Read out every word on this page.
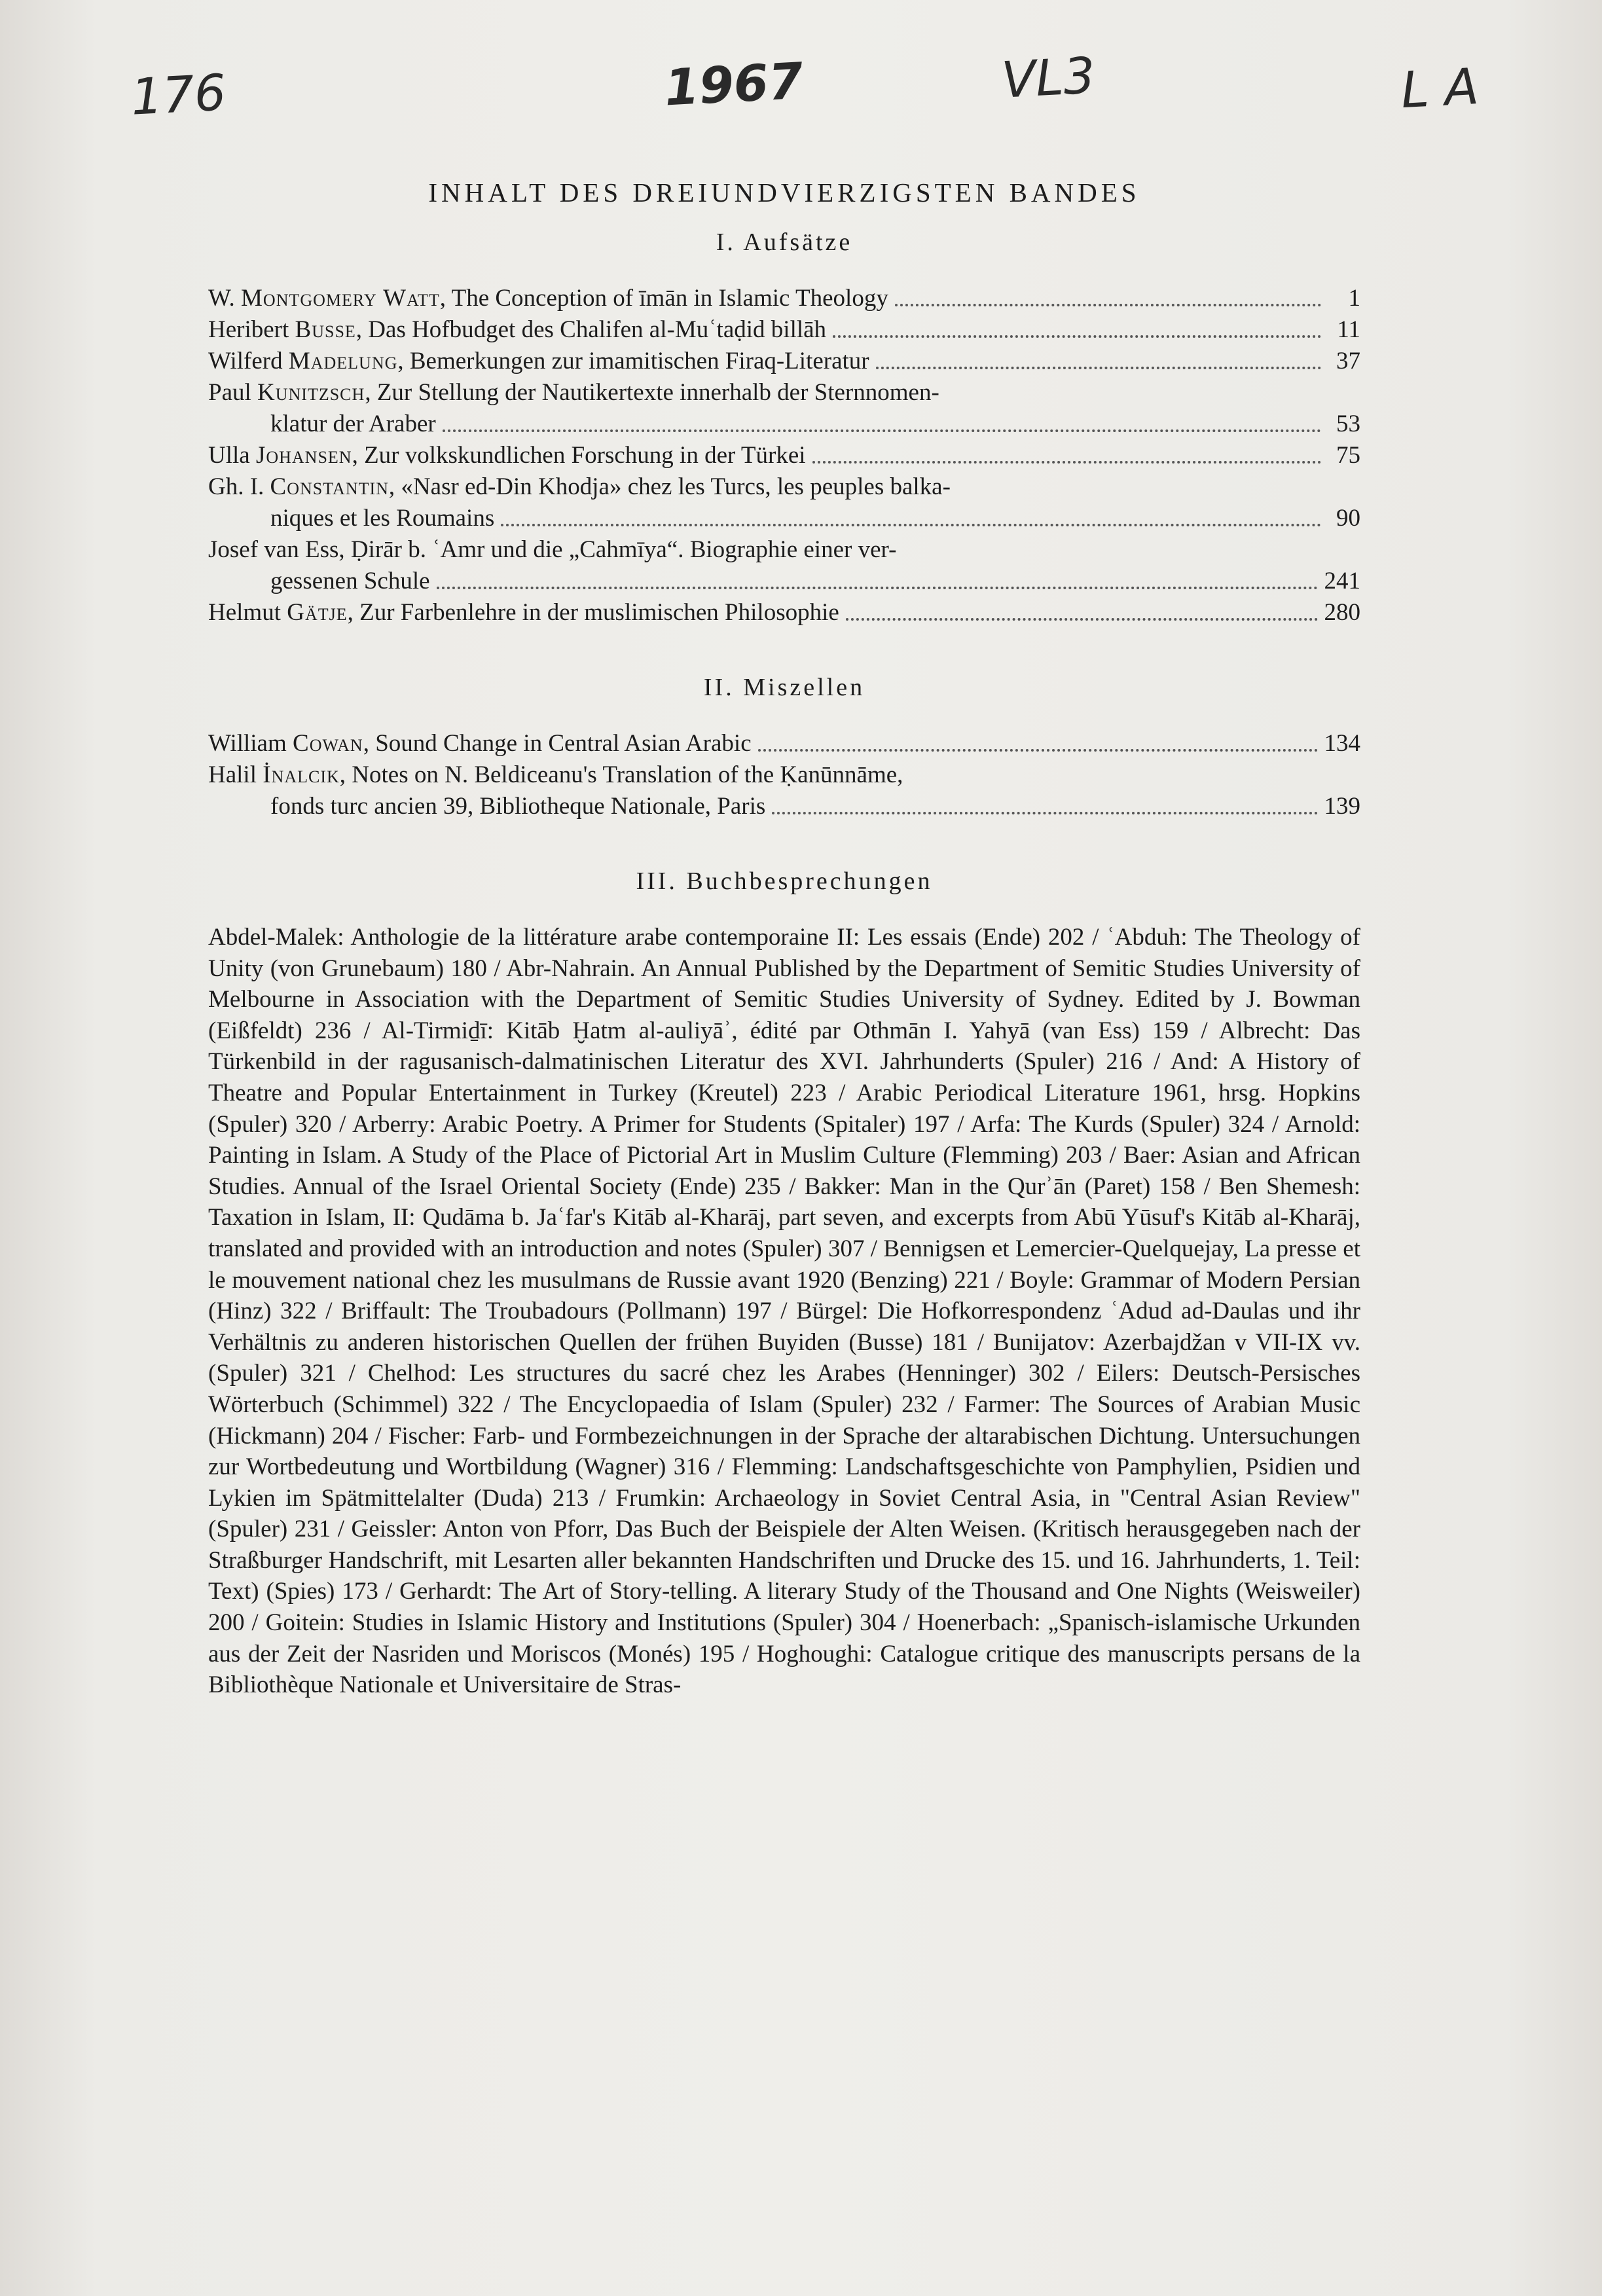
176	1967	VL3	L A
INHALT DES DREIUNDVIERZIGSTEN BANDES
I. Aufsätze
W. Montgomery Watt, The Conception of īmān in Islamic Theology	1
Heribert Busse, Das Hofbudget des Chalifen al-Muʿtaḍid billāh	11
Wilferd Madelung, Bemerkungen zur imamitischen Firaq-Literatur	37
Paul Kunitzsch, Zur Stellung der Nautikertexte innerhalb der Sternnomen-
klatur der Araber	53
Ulla Johansen, Zur volkskundlichen Forschung in der Türkei	75
Gh. I. Constantin, «Nasr ed-Din Khodja» chez les Turcs, les peuples balka-
niques et les Roumains	90
Josef van Ess, Ḍirār b. ʿAmr und die „Cahmīya“. Biographie einer ver-
gessenen Schule	241
Helmut Gätje, Zur Farbenlehre in der muslimischen Philosophie	280
II. Miszellen
William Cowan, Sound Change in Central Asian Arabic	134
Halil İnalcık, Notes on N. Beldiceanu's Translation of the Ḳanūnnāme,
fonds turc ancien 39, Bibliotheque Nationale, Paris	139
III. Buchbesprechungen

Abdel-Malek: Anthologie de la littérature arabe contemporaine II: Les essais (Ende) 202 / ʿAbduh: The Theology of Unity (von Grunebaum) 180 / Abr-Nahrain. An Annual Published by the Department of Semitic Studies University of Melbourne in Association with the Department of Semitic Studies University of Sydney. Edited by J. Bowman (Eißfeldt) 236 / Al-Tirmiḏī: Kitāb Ḫatm al-auliyāʾ, édité par Othmān I. Yahyā (van Ess) 159 / Albrecht: Das Türkenbild in der ragusanisch-dalmatinischen Literatur des XVI. Jahrhunderts (Spuler) 216 / And: A History of Theatre and Popular Entertainment in Turkey (Kreutel) 223 / Arabic Periodical Literature 1961, hrsg. Hopkins (Spuler) 320 / Arberry: Arabic Poetry. A Primer for Students (Spitaler) 197 / Arfa: The Kurds (Spuler) 324 / Arnold: Painting in Islam. A Study of the Place of Pictorial Art in Muslim Culture (Flemming) 203 / Baer: Asian and African Studies. Annual of the Israel Oriental Society (Ende) 235 / Bakker: Man in the Qurʾān (Paret) 158 / Ben Shemesh: Taxation in Islam, II: Qudāma b. Jaʿfar's Kitāb al-Kharāj, part seven, and excerpts from Abū Yūsuf's Kitāb al-Kharāj, translated and provided with an introduction and notes (Spuler) 307 / Bennigsen et Lemercier-Quelquejay, La presse et le mouvement national chez les musulmans de Russie avant 1920 (Benzing) 221 / Boyle: Grammar of Modern Persian (Hinz) 322 / Briffault: The Troubadours (Pollmann) 197 / Bürgel: Die Hofkorrespondenz ʿAdud ad-Daulas und ihr Verhältnis zu anderen historischen Quellen der frühen Buyiden (Busse) 181 / Bunijatov: Azerbajdžan v VII-IX vv. (Spuler) 321 / Chelhod: Les structures du sacré chez les Arabes (Henninger) 302 / Eilers: Deutsch-Persisches Wörterbuch (Schimmel) 322 / The Encyclopaedia of Islam (Spuler) 232 / Farmer: The Sources of Arabian Music (Hickmann) 204 / Fischer: Farb- und Formbezeichnungen in der Sprache der altarabischen Dichtung. Untersuchungen zur Wortbedeutung und Wortbildung (Wagner) 316 / Flemming: Landschaftsgeschichte von Pamphylien, Psidien und Lykien im Spätmittelalter (Duda) 213 / Frumkin: Archaeology in Soviet Central Asia, in "Central Asian Review" (Spuler) 231 / Geissler: Anton von Pforr, Das Buch der Beispiele der Alten Weisen. (Kritisch herausgegeben nach der Straßburger Handschrift, mit Lesarten aller bekannten Handschriften und Drucke des 15. und 16. Jahrhunderts, 1. Teil: Text) (Spies) 173 / Gerhardt: The Art of Story-telling. A literary Study of the Thousand and One Nights (Weisweiler) 200 / Goitein: Studies in Islamic History and Institutions (Spuler) 304 / Hoenerbach: „Spanisch-islamische Urkunden aus der Zeit der Nasriden und Moriscos (Monés) 195 / Hoghoughi: Catalogue critique des manuscripts persans de la Bibliothèque Nationale et Universitaire de Stras-
